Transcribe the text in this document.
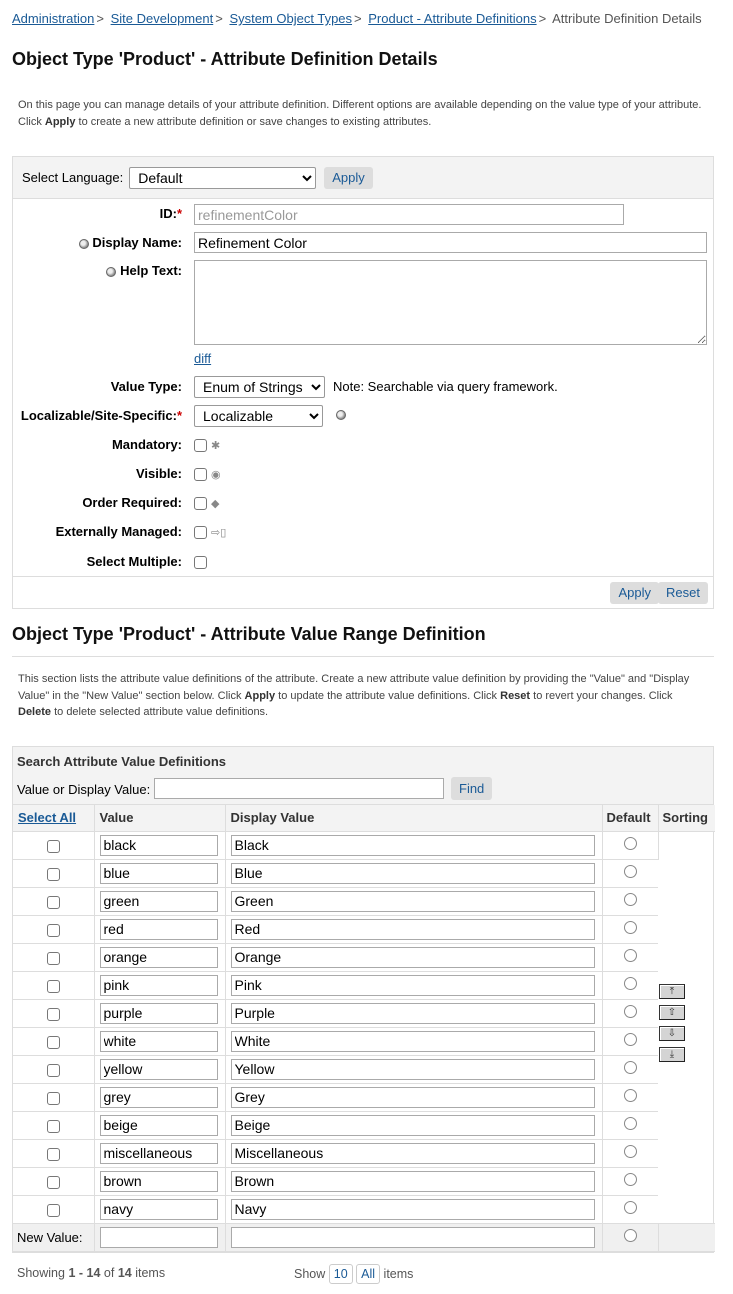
Administration > Site Development > System Object Types > Product - Attribute Definitions > Attribute Definition Details
Object Type 'Product' - Attribute Definition Details
On this page you can manage details of your attribute definition. Different options are available depending on the value type of your attribute. Click Apply to create a new attribute definition or save changes to existing attributes.
Select Language:
Default	Apply
ID:*
refinementColor
Display Name:
Refinement Color
Help Text:
diff
Value Type:
Enum of Strings	Note: Searchable via query framework.
Localizable/Site-Specific:*
Localizable
Mandatory:	✱
Visible:	◉
Order Required:	◆
Externally Managed:	⇨▯
Select Multiple:
Apply	Reset
Object Type 'Product' - Attribute Value Range Definition
This section lists the attribute value definitions of the attribute. Create a new attribute value definition by providing the "Value" and "Display Value" in the "New Value" section below. Click Apply to update the attribute value definitions. Click Reset to revert your changes. Click Delete to delete selected attribute value definitions.
Search Attribute Value Definitions
Value or Display Value:	Find
Select All	Value	Display Value	Default	Sorting
	black	Black		
	blue	Blue	
	green	Green	
	red	Red	
	orange	Orange	
	pink	Pink	
	purple	Purple	
	white	White	
	yellow	Yellow	
	grey	Grey	
	beige	Beige	
	miscellaneous	Miscellaneous	
	brown	Brown	
	navy	Navy	
New Value:				
⤒
⇧
⇩
⤓
Showing 1 - 14 of 14 items	Show 10 All items
